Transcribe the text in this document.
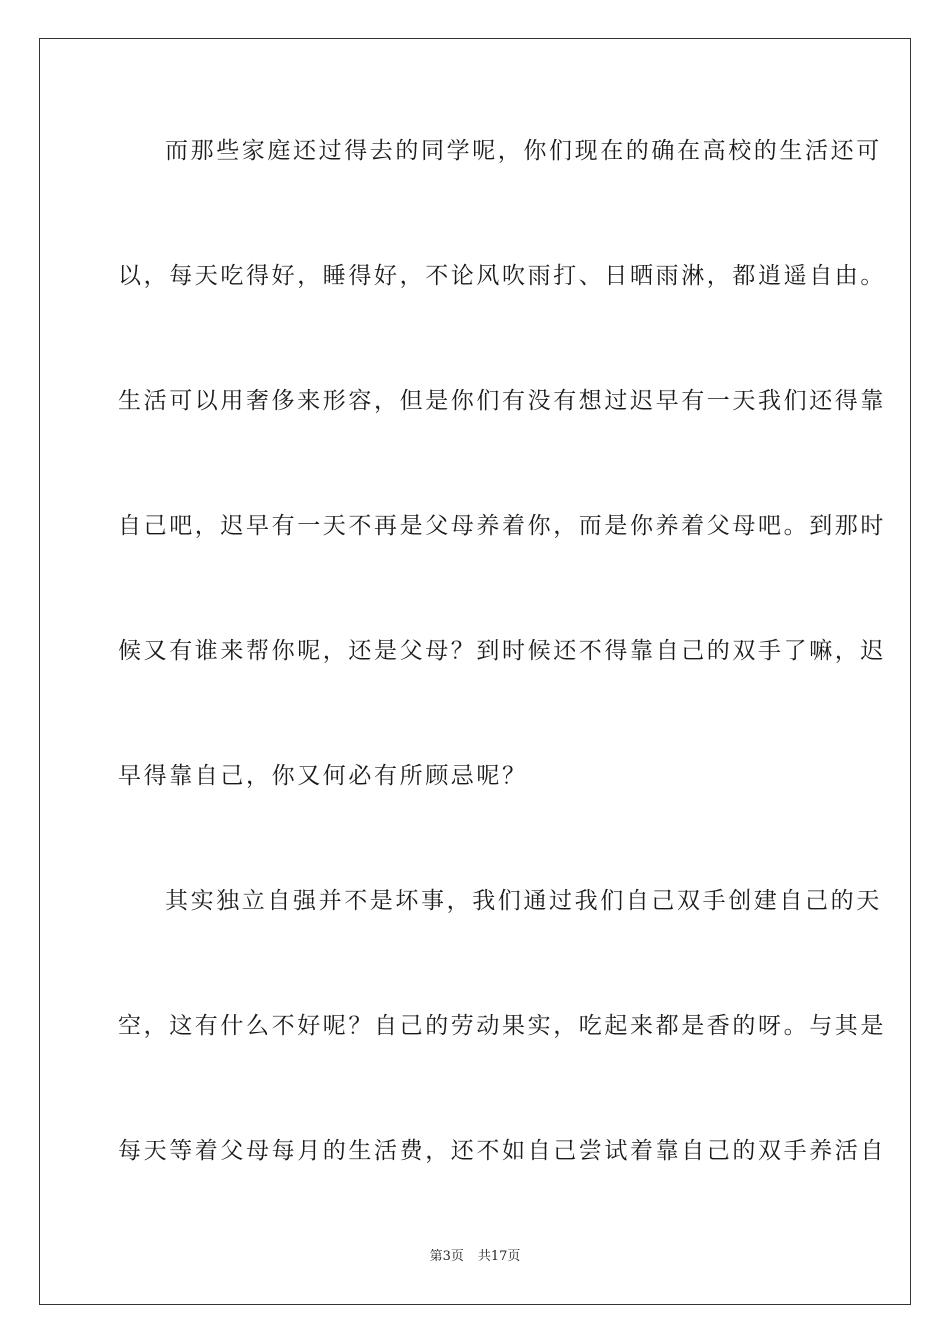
而那些家庭还过得去的同学呢，你们现在的确在高校的生活还可
以，每天吃得好，睡得好，不论风吹雨打、日晒雨淋，都逍遥自由。
生活可以用奢侈来形容，但是你们有没有想过迟早有一天我们还得靠
自己吧，迟早有一天不再是父母养着你，而是你养着父母吧。到那时
候又有谁来帮你呢，还是父母？到时候还不得靠自己的双手了嘛，迟
早得靠自己，你又何必有所顾忌呢？
其实独立自强并不是坏事，我们通过我们自己双手创建自己的天
空，这有什么不好呢？自己的劳动果实，吃起来都是香的呀。与其是
每天等着父母每月的生活费，还不如自己尝试着靠自己的双手养活自
第3页 共17页
